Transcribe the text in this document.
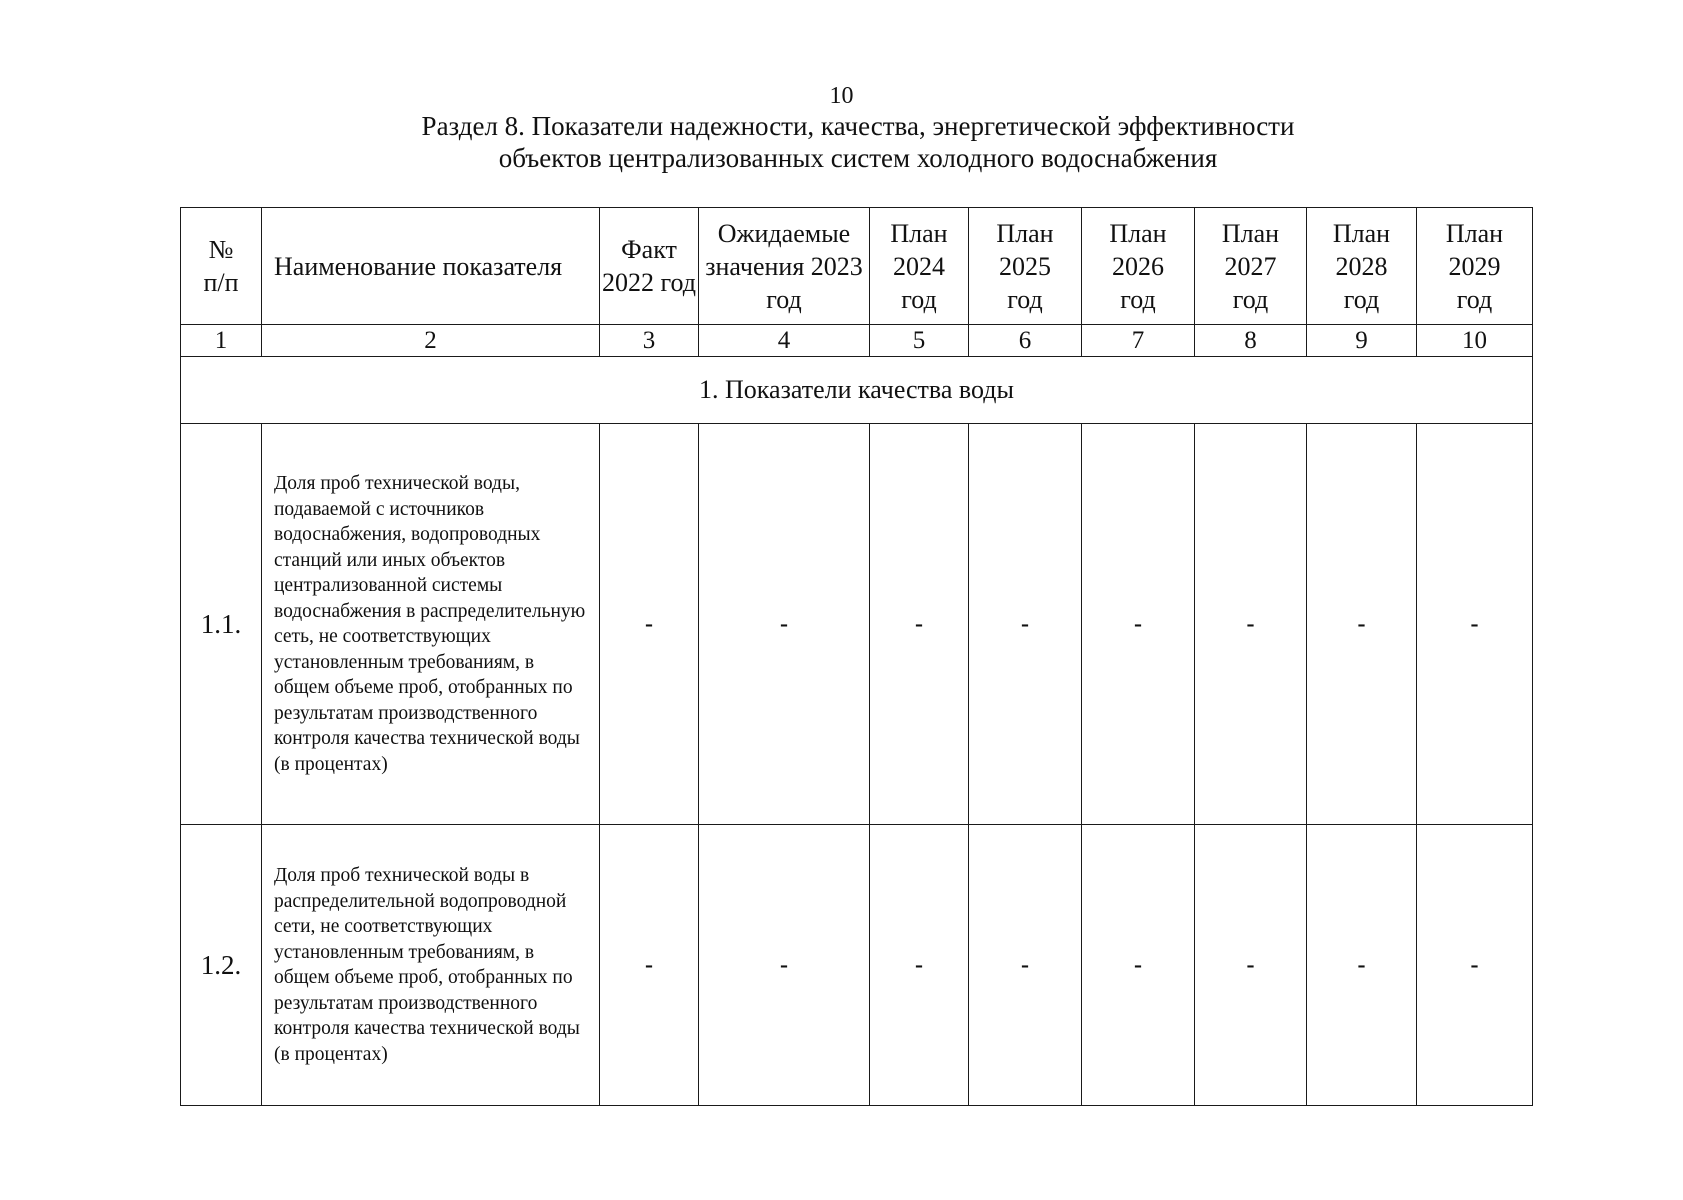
10
Раздел 8. Показатели надежности, качества, энергетической эффективности
объектов централизованных систем холодного водоснабжения
№ п/п	Наименование показателя	Факт 2022 год	Ожидаемые значения 2023 год	План 2024 год	План 2025 год	План 2026 год	План 2027 год	План 2028 год	План 2029 год
1	2	3	4	5	6	7	8	9	10
1. Показатели качества воды									
1.1.	Доля проб технической воды, подаваемой с источников водоснабжения, водопроводных станций или иных объектов централизованной системы водоснабжения в распределительную сеть, не соответствующих установленным требованиям, в общем объеме проб, отобранных по результатам производственного контроля качества технической воды (в процентах)	-	-	-	-	-	-	-	-
1.2.	Доля проб технической воды в распределительной водопроводной сети, не соответствующих установленным требованиям, в общем объеме проб, отобранных по результатам производственного контроля качества технической воды (в процентах)	-	-	-	-	-	-	-	-
